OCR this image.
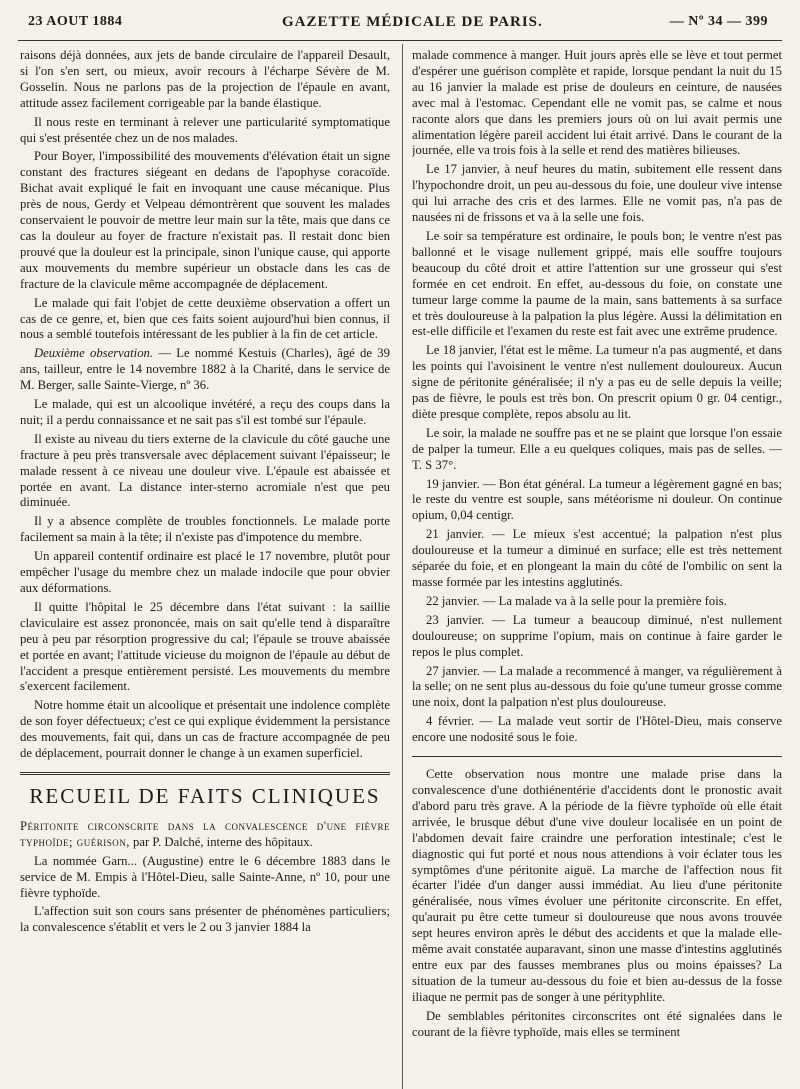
23 AOUT 1884	GAZETTE MÉDICALE DE PARIS.	— Nº 34 — 399

raisons déjà données, aux jets de bande circulaire de l'appareil Desault, si l'on s'en sert, ou mieux, avoir recours à l'écharpe Sévère de M. Gosselin. Nous ne parlons pas de la projection de l'épaule en avant, attitude assez facilement corrigeable par la bande élastique.

Il nous reste en terminant à relever une particularité symptomatique qui s'est présentée chez un de nos malades.

Pour Boyer, l'impossibilité des mouvements d'élévation était un signe constant des fractures siégeant en dedans de l'apophyse coracoïde. Bichat avait expliqué le fait en invoquant une cause mécanique. Plus près de nous, Gerdy et Velpeau démontrèrent que souvent les malades conservaient le pouvoir de mettre leur main sur la tête, mais que dans ce cas la douleur au foyer de fracture n'existait pas. Il restait donc bien prouvé que la douleur est la principale, sinon l'unique cause, qui apporte aux mouvements du membre supérieur un obstacle dans les cas de fracture de la clavicule même accompagnée de déplacement.

Le malade qui fait l'objet de cette deuxième observation a offert un cas de ce genre, et, bien que ces faits soient aujourd'hui bien connus, il nous a semblé toutefois intéressant de les publier à la fin de cet article.

Deuxième observation. — Le nommé Kestuis (Charles), âgé de 39 ans, tailleur, entre le 14 novembre 1882 à la Charité, dans le service de M. Berger, salle Sainte-Vierge, nº 36.

Le malade, qui est un alcoolique invétéré, a reçu des coups dans la nuit; il a perdu connaissance et ne sait pas s'il est tombé sur l'épaule.

Il existe au niveau du tiers externe de la clavicule du côté gauche une fracture à peu près transversale avec déplacement suivant l'épaisseur; le malade ressent à ce niveau une douleur vive. L'épaule est abaissée et portée en avant. La distance inter-sterno acromiale n'est que peu diminuée.

Il y a absence complète de troubles fonctionnels. Le malade porte facilement sa main à la tête; il n'existe pas d'impotence du membre.

Un appareil contentif ordinaire est placé le 17 novembre, plutôt pour empêcher l'usage du membre chez un malade indocile que pour obvier aux déformations.

Il quitte l'hôpital le 25 décembre dans l'état suivant : la saillie claviculaire est assez prononcée, mais on sait qu'elle tend à disparaître peu à peu par résorption progressive du cal; l'épaule se trouve abaissée et portée en avant; l'attitude vicieuse du moignon de l'épaule au début de l'accident a presque entièrement persisté. Les mouvements du membre s'exercent facilement.

Notre homme était un alcoolique et présentait une indolence complète de son foyer défectueux; c'est ce qui explique évidemment la persistance des mouvements, fait qui, dans un cas de fracture accompagnée de peu de déplacement, pourrait donner le change à un examen superficiel.

RECUEIL DE FAITS CLINIQUES

Péritonite circonscrite dans la convalescence d'une fièvre typhoïde; guérison, par P. Dalché, interne des hôpitaux.

La nommée Garn... (Augustine) entre le 6 décembre 1883 dans le service de M. Empis à l'Hôtel-Dieu, salle Sainte-Anne, nº 10, pour une fièvre typhoïde.

L'affection suit son cours sans présenter de phénomènes particuliers; la convalescence s'établit et vers le 2 ou 3 janvier 1884 la

malade commence à manger. Huit jours après elle se lève et tout permet d'espérer une guérison complète et rapide, lorsque pendant la nuit du 15 au 16 janvier la malade est prise de douleurs en ceinture, de nausées avec mal à l'estomac. Cependant elle ne vomit pas, se calme et nous raconte alors que dans les premiers jours où on lui avait permis une alimentation légère pareil accident lui était arrivé. Dans le courant de la journée, elle va trois fois à la selle et rend des matières bilieuses.

Le 17 janvier, à neuf heures du matin, subitement elle ressent dans l'hypochondre droit, un peu au-dessous du foie, une douleur vive intense qui lui arrache des cris et des larmes. Elle ne vomit pas, n'a pas de nausées ni de frissons et va à la selle une fois.

Le soir sa température est ordinaire, le pouls bon; le ventre n'est pas ballonné et le visage nullement grippé, mais elle souffre toujours beaucoup du côté droit et attire l'attention sur une grosseur qui s'est formée en cet endroit. En effet, au-dessous du foie, on constate une tumeur large comme la paume de la main, sans battements à sa surface et très douloureuse à la palpation la plus légère. Aussi la délimitation en est-elle difficile et l'examen du reste est fait avec une extrême prudence.

Le 18 janvier, l'état est le même. La tumeur n'a pas augmenté, et dans les points qui l'avoisinent le ventre n'est nullement douloureux. Aucun signe de péritonite généralisée; il n'y a pas eu de selle depuis la veille; pas de fièvre, le pouls est très bon. On prescrit opium 0 gr. 04 centigr., diète presque complète, repos absolu au lit.

Le soir, la malade ne souffre pas et ne se plaint que lorsque l'on essaie de palper la tumeur. Elle a eu quelques coliques, mais pas de selles. — T. S 37°.

19 janvier. — Bon état général. La tumeur a légèrement gagné en bas; le reste du ventre est souple, sans météorisme ni douleur. On continue opium, 0,04 centigr.

21 janvier. — Le mieux s'est accentué; la palpation n'est plus douloureuse et la tumeur a diminué en surface; elle est très nettement séparée du foie, et en plongeant la main du côté de l'ombilic on sent la masse formée par les intestins agglutinés.

22 janvier. — La malade va à la selle pour la première fois.

23 janvier. — La tumeur a beaucoup diminué, n'est nullement douloureuse; on supprime l'opium, mais on continue à faire garder le repos le plus complet.

27 janvier. — La malade a recommencé à manger, va régulièrement à la selle; on ne sent plus au-dessous du foie qu'une tumeur grosse comme une noix, dont la palpation n'est plus douloureuse.

4 février. — La malade veut sortir de l'Hôtel-Dieu, mais conserve encore une nodosité sous le foie.

Cette observation nous montre une malade prise dans la convalescence d'une dothiénentérie d'accidents dont le pronostic avait d'abord paru très grave. A la période de la fièvre typhoïde où elle était arrivée, le brusque début d'une vive douleur localisée en un point de l'abdomen devait faire craindre une perforation intestinale; c'est le diagnostic qui fut porté et nous nous attendions à voir éclater tous les symptômes d'une péritonite aiguë. La marche de l'affection nous fit écarter l'idée d'un danger aussi immédiat. Au lieu d'une péritonite généralisée, nous vîmes évoluer une péritonite circonscrite. En effet, qu'aurait pu être cette tumeur si douloureuse que nous avons trouvée sept heures environ après le début des accidents et que la malade elle-même avait constatée auparavant, sinon une masse d'intestins agglutinés entre eux par des fausses membranes plus ou moins épaisses? La situation de la tumeur au-dessous du foie et bien au-dessus de la fosse iliaque ne permit pas de songer à une pérityphlite.

De semblables péritonites circonscrites ont été signalées dans le courant de la fièvre typhoïde, mais elles se terminent
